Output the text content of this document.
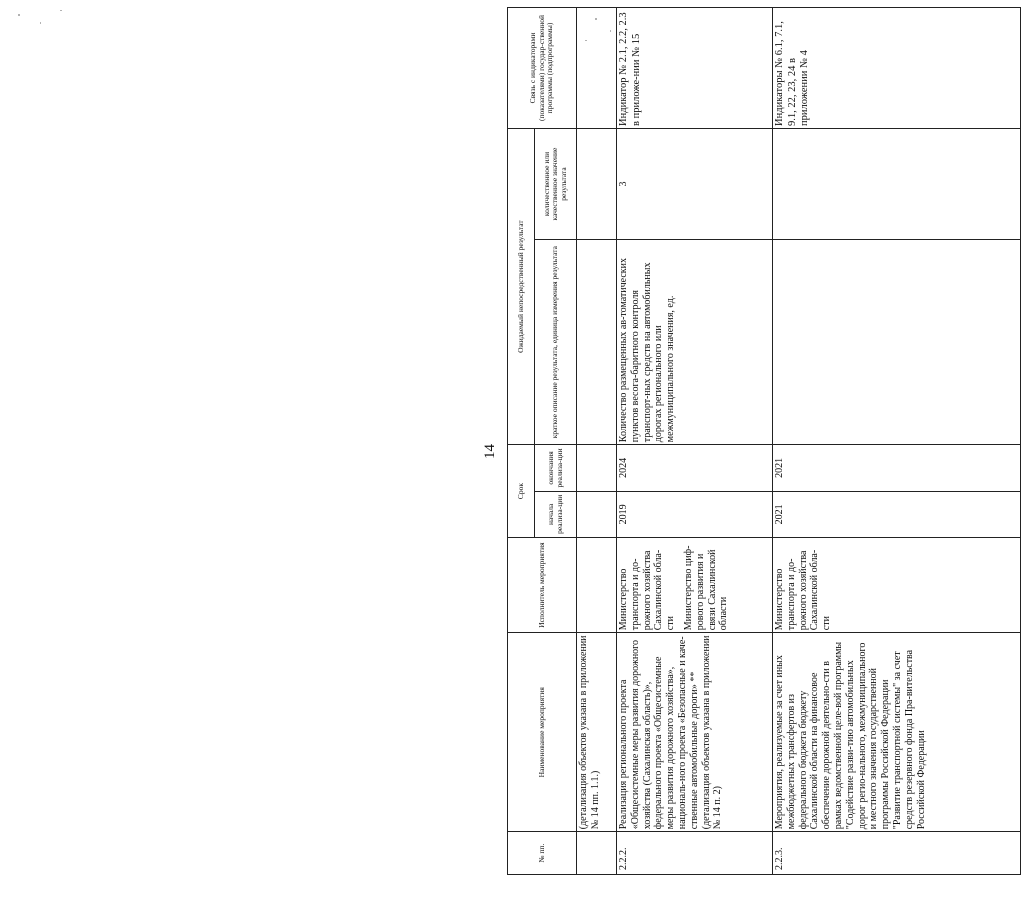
14
№ пп.	Наименование мероприятия	Исполнитель мероприятия	Срок		Ожидаемый непосредственный результат		Связь с индикаторами (показателями) государ-ственной программы (подпрограммы)
			начала реализа-ции	окончания реализа-ции	краткое описание результата, единица измерения результата	количественное или качественное значение результата	
	(детализация объектов указана в приложении № 14 пп. 1.1.)						
2.2.2.	Реализация регионального проекта «Общесистемные меры развития дорожного хозяйства (Сахалинская область)», федерального проекта «Общесистемные меры развития дорожного хозяйства», националь-ного проекта «Безопасные и каче-ственные автомобильные дороги» ** (детализация объектов указана в приложении № 14 п. 2)	Министерство транспорта и до-рожного хозяйства Сахалинской обла-сти Министерство циф-рового развития и связи Сахалинской области	2019	2024	Количество размещенных ав-томатических пунктов весога-баритного контроля транспорт-ных средств на автомобильных дорогах регионального или межмуниципального значения, ед.	3	Индикатор № 2.1, 2.2, 2.3 в приложе-нии № 15
2.2.3.	Мероприятия, реализуемые за счет иных межбюджетных трансфертов из федерального бюджета бюджету Сахалинской области на финансовое обеспечение дорожной деятельно-сти в рамках ведомственной целе-вой программы "Содействие разви-тию автомобильных дорог регио-нального, межмуниципального и местного значения государственной программы Российской Федерации "Развитие транспортной системы" за счет средств резервного фонда Пра-вительства Российской Федерации	Министерство транспорта и до-рожного хозяйства Сахалинской обла-сти	2021	2021			Индикаторы № 6.1, 7.1, 9.1, 22, 23, 24 в приложении № 4
